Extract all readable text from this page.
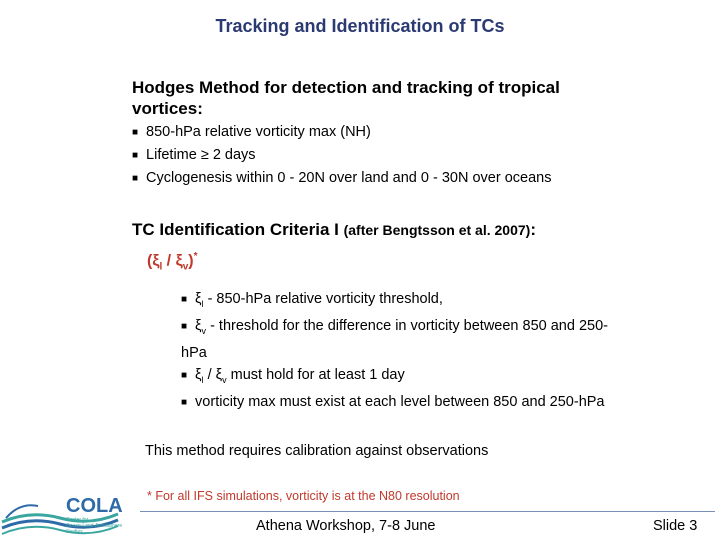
Tracking and Identification of TCs
Hodges Method for detection and tracking of tropical vortices:
■ 850-hPa relative vorticity max (NH)
■ Lifetime ≥ 2 days
■ Cyclogenesis within 0 - 20N over land and 0 - 30N over oceans
TC Identification Criteria I (after Bengtsson et al. 2007):
$(\xi_l / \xi_v)^*$
■ $\xi_l - 850-hPa$ relative vorticity threshold,
■ $\xi_v$ - threshold for the difference in vorticity between 850 and 250-hPa
■ $\xi_l / \xi_v$ must hold for at least 1 day
■ vorticity max must exist at each level between 850 and 250-hPa
This method requires calibration against observations
* For all IFS simulations, vorticity is at the N80 resolution
COLA
Center for
Ocean-Land-Atmosphere
Studies	Athena Workshop, 7-8 June	Slide 3
